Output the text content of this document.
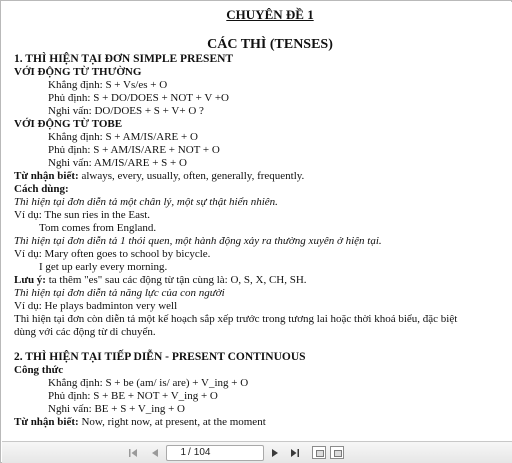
CHUYÊN ĐỀ 1
CÁC THÌ (TENSES)
1. THÌ HIỆN TẠI ĐƠN SIMPLE PRESENT
VỚI ĐỘNG TỪ THƯỜNG
Khẳng định: S + Vs/es + O
Phủ định: S + DO/DOES + NOT + V +O
Nghi vấn: DO/DOES + S + V+ O ?
VỚI ĐỘNG TỪ TOBE
Khẳng định: S + AM/IS/ARE + O
Phủ định: S + AM/IS/ARE + NOT + O
Nghi vấn: AM/IS/ARE + S + O
Từ nhận biết: always, every, usually, often, generally, frequently.
Cách dùng:
Thì hiện tại đơn diễn tả một chân lý, một sự thật hiển nhiên.
Ví dụ: The sun ries in the East.
Tom comes from England.
Thì hiện tại đơn diễn tả 1 thói quen, một hành động xảy ra thường xuyên ở hiện tại.
Ví dụ: Mary often goes to school by bicycle.
I get up early every morning.
Lưu ý: ta thêm "es" sau các động từ tận cùng là: O, S, X, CH, SH.
Thì hiện tại đơn diễn tả năng lực của con người
Ví dụ: He plays badminton very well
Thì hiện tại đơn còn diễn tả một kế hoạch sắp xếp trước trong tương lai hoặc thời khoá biểu, đặc biệt
dùng với các động từ di chuyển.
2. THÌ HIỆN TẠI TIẾP DIỄN - PRESENT CONTINUOUS
Công thức
Khẳng định: S + be (am/ is/ are) + V_ing + O
Phủ định: S + BE + NOT + V_ing + O
Nghi vấn: BE + S + V_ing + O
Từ nhận biết: Now, right now, at present, at the moment
1
/ 104
